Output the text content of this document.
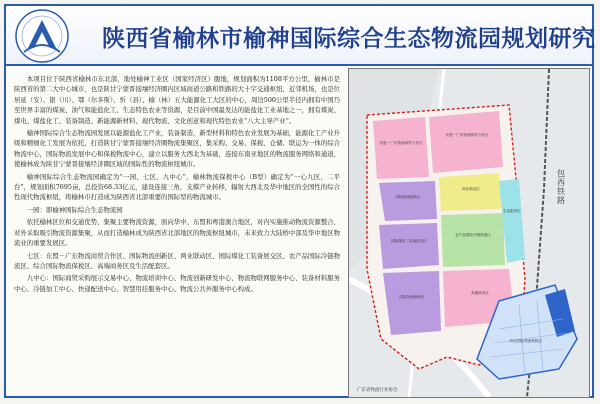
陕西省榆林市榆神国际综合生态物流园规划研究

本项目位于陕西省榆林市东北部，地处榆神工业区（国家经济区）腹地，规划面积为1108平方公里，榆林市是陕西省的第二大中心城市，也是陕甘宁蒙晋接壤经济圈内区域商道公路和铁路的大十字交通枢纽，近邻机场，也是位居延（安）、银（川）、鄂（尔多斯）、忻（县）、榆（林）五大能源化工大区的中心，周边500公里半径内拥有中国乃至世界丰富的煤炭、油气和能盐化工、生态特色农业等资源，是目前中国最发达的能盐化工业基地之一，拥有煤炭、煤电、煤盐化工、装备制造、新能源新材料、现代物流、文化创意和现代特色农业“八大主导产业”。

榆神国际综合生态物流园发展以能源盐化工产业，装备制造，新型材料和特色农业发展为基础，能源化工产业升级和精细化工发展为依托，打造陕甘宁蒙晋接壤经济圈物流集聚区，集采购、交易、保税、仓储、联运为一体的综合物流中心，国际物流发展中心和保税物流中心，建立以服务大西北为基础，连接东南亚地区的物流服务网络和通道，使榆林成为陕甘宁蒙晋接壤经济圈区域的国际性的物流枢纽城市。

榆神国际综合生态物流园确定为“一园、七区、九中心”，榆林物流保税中心（B型）确定为“一心九区、二平台”，规划面积7695亩，总投资68.33亿元，建设连接三角，支撑产业转移，辐射大西北及华中地区的全国性的综合性现代物流枢纽，将榆林市打造成为陕西省北部重要的国际型的物流城市。

一园：即榆神国际综合生态物流园

依托榆林区位和交通优势，集聚主要物流资源，面向华中、东盟和粤港澳合地区，对内实施推动物流资源整合，对外采取吸引物流资源集聚，从而打造榆林成为陕西省北部地区的物流枢纽城市，未来致力大陆桥中部及华中地区物流业的重要发展区。

七区：东盟－广东物流商贸合作区、国际物流创新区、两业联动区、国际煤化工装备展交区、农产品国际冷链物流区、综合国际物流保税区、高端商务区及生活配套区。

九中心：国际商贸采购展示交易中心、物流培训中心、物流创新研发中心、物流物联网服务中心、装备材料服务中心、冷链加工中心、快递配送中心、智慧用挂服务中心、物流公共外服务中心构成。

东盟－广东物流商贸合作区
东盟－广东物流商贸合作区
国际物流创新区
两业联动区
国际煤化工装备展交区
农产品国际冷链物流区
国际物流保税区
高端商务区
生活配套区
综合国际物流保税区
包西铁路
广东省物流行业协会
